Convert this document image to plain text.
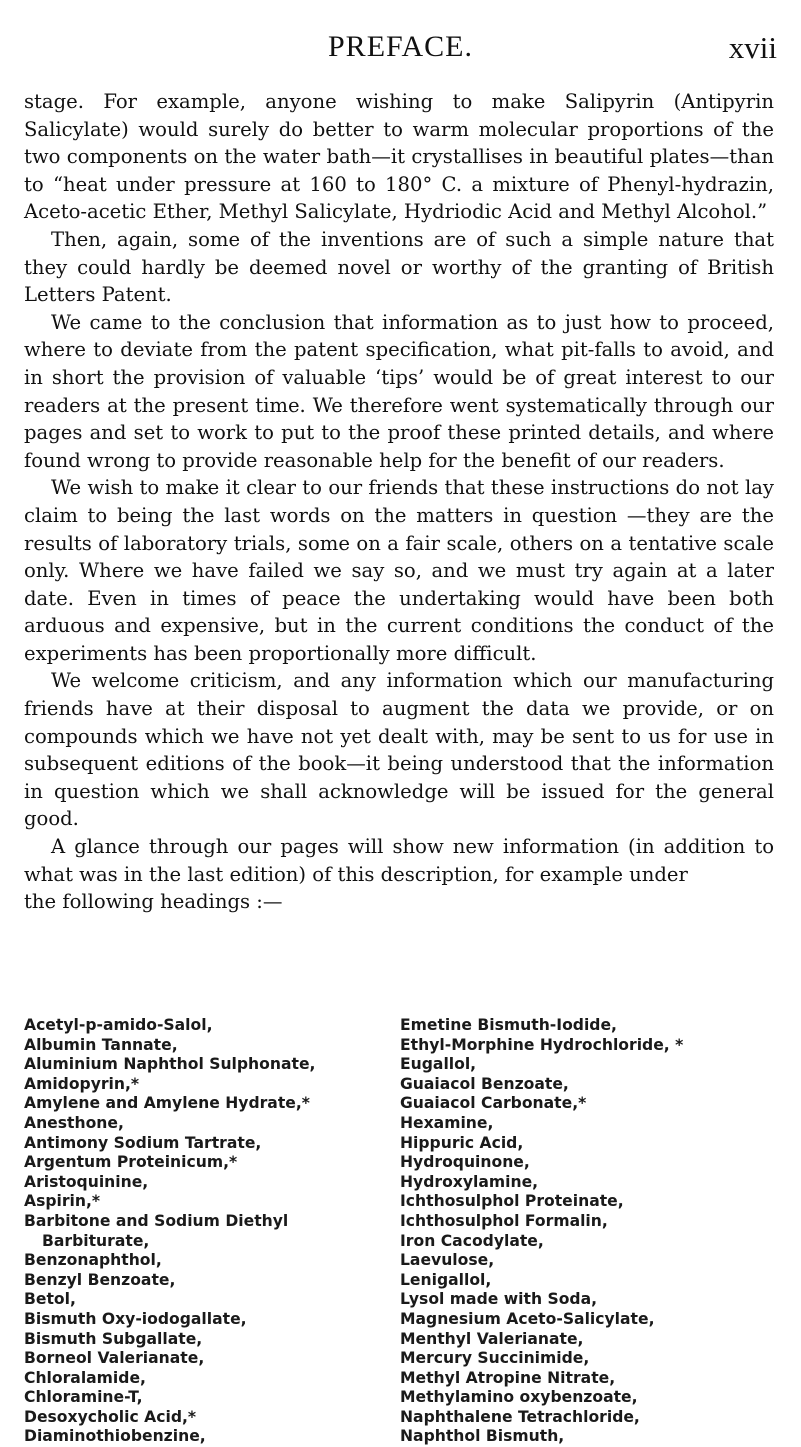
PREFACE.	xvii

stage. For example, anyone wishing to make Salipyrin (Antipyrin Salicylate) would surely do better to warm molecular proportions of the two components on the water bath—it crystallises in beautiful plates—than to “heat under pressure at 160 to 180° C. a mixture of Phenyl-hydrazin, Aceto-acetic Ether, Methyl Salicylate, Hydriodic Acid and Methyl Alcohol.”

Then, again, some of the inventions are of such a simple nature that they could hardly be deemed novel or worthy of the granting of British Letters Patent.

We came to the conclusion that information as to just how to proceed, where to deviate from the patent specification, what pit-falls to avoid, and in short the provision of valuable ‘tips’ would be of great interest to our readers at the present time. We therefore went systematically through our pages and set to work to put to the proof these printed details, and where found wrong to provide reasonable help for the benefit of our readers.

We wish to make it clear to our friends that these instructions do not lay claim to being the last words on the matters in question —they are the results of laboratory trials, some on a fair scale, others on a tentative scale only. Where we have failed we say so, and we must try again at a later date. Even in times of peace the undertaking would have been both arduous and expensive, but in the current conditions the conduct of the experiments has been proportionally more difficult.

We welcome criticism, and any information which our manufacturing friends have at their disposal to augment the data we provide, or on compounds which we have not yet dealt with, may be sent to us for use in subsequent editions of the book—it being understood that the information in question which we shall acknowledge will be issued for the general good.

A glance through our pages will show new information (in addition to what was in the last edition) of this description, for example under

the following headings :—
Acetyl-p-amido-Salol,
Albumin Tannate,
Aluminium Naphthol Sulphonate,
Amidopyrin,*
Amylene and Amylene Hydrate,*
Anesthone,
Antimony Sodium Tartrate,
Argentum Proteinicum,*
Aristoquinine,
Aspirin,*
Barbitone and Sodium Diethyl
Barbiturate,
Benzonaphthol,
Benzyl Benzoate,
Betol,
Bismuth Oxy-iodogallate,
Bismuth Subgallate,
Borneol Valerianate,
Chloralamide,
Chloramine-T,
Desoxycholic Acid,*
Diaminothiobenzine,
Emetine Bismuth-Iodide,
Ethyl-Morphine Hydrochloride, *
Eugallol,
Guaiacol Benzoate,
Guaiacol Carbonate,*
Hexamine,
Hippuric Acid,
Hydroquinone,
Hydroxylamine,
Ichthosulphol Proteinate,
Ichthosulphol Formalin,
Iron Cacodylate,
Laevulose,
Lenigallol,
Lysol made with Soda,
Magnesium Aceto-Salicylate,
Menthyl Valerianate,
Mercury Succinimide,
Methyl Atropine Nitrate,
Methylamino oxybenzoate,
Naphthalene Tetrachloride,
Naphthol Bismuth,
